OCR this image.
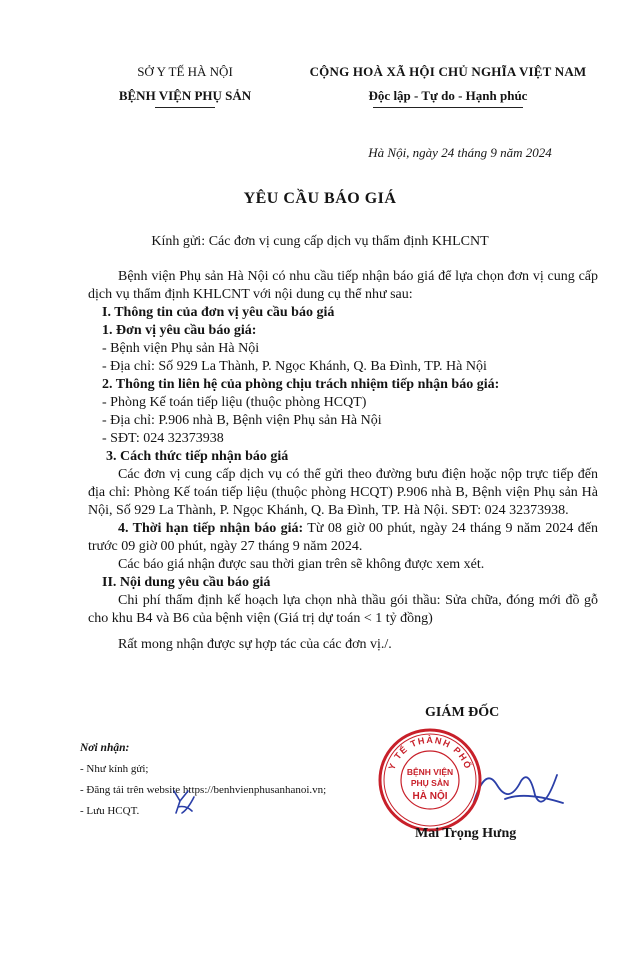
SỞ Y TẾ HÀ NỘI
BỆNH VIỆN PHỤ SẢN
CỘNG HOÀ XÃ HỘI CHỦ NGHĨA VIỆT NAM
Độc lập - Tự do - Hạnh phúc
Hà Nội, ngày 24 tháng 9 năm 2024
YÊU CẦU BÁO GIÁ
Kính gửi: Các đơn vị cung cấp dịch vụ thẩm định KHLCNT

Bệnh viện Phụ sản Hà Nội có nhu cầu tiếp nhận báo giá để lựa chọn đơn vị cung cấp dịch vụ thẩm định KHLCNT với nội dung cụ thể như sau:

I. Thông tin của đơn vị yêu cầu báo giá

1. Đơn vị yêu cầu báo giá:

- Bệnh viện Phụ sản Hà Nội

- Địa chỉ: Số 929 La Thành, P. Ngọc Khánh, Q. Ba Đình, TP. Hà Nội

2. Thông tin liên hệ của phòng chịu trách nhiệm tiếp nhận báo giá:

- Phòng Kế toán tiếp liệu (thuộc phòng HCQT)

- Địa chỉ: P.906 nhà B, Bệnh viện Phụ sản Hà Nội

- SĐT: 024 32373938

3. Cách thức tiếp nhận báo giá

Các đơn vị cung cấp dịch vụ có thể gửi theo đường bưu điện hoặc nộp trực tiếp đến địa chỉ: Phòng Kế toán tiếp liệu (thuộc phòng HCQT) P.906 nhà B, Bệnh viện Phụ sản Hà Nội, Số 929 La Thành, P. Ngọc Khánh, Q. Ba Đình, TP. Hà Nội. SĐT: 024 32373938.

4. Thời hạn tiếp nhận báo giá: Từ 08 giờ 00 phút, ngày 24 tháng 9 năm 2024 đến trước 09 giờ 00 phút, ngày 27 tháng 9 năm 2024.

Các báo giá nhận được sau thời gian trên sẽ không được xem xét.

II. Nội dung yêu cầu báo giá

Chi phí thẩm định kế hoạch lựa chọn nhà thầu gói thầu: Sửa chữa, đóng mới đồ gỗ cho khu B4 và B6 của bệnh viện (Giá trị dự toán < 1 tỷ đồng)

Rất mong nhận được sự hợp tác của các đơn vị./.

Nơi nhận:
- Như kính gửi;
- Đăng tải trên website https://benhvienphusanhanoi.vn;
- Lưu HCQT.
GIÁM ĐỐC
Y TẾ THÀNH PHỐ
BỆNH VIỆN
PHỤ SẢN
HÀ NỘI
Mai Trọng Hưng
